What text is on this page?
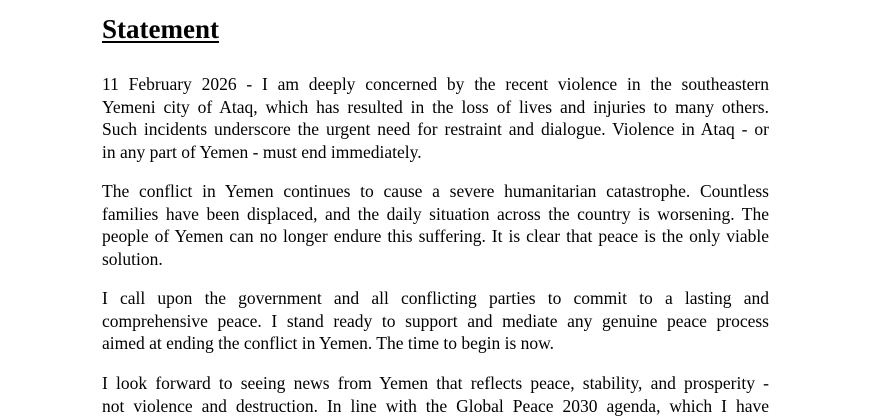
Statement

11 February 2026 - I am deeply concerned by the recent violence in the southeastern
Yemeni city of Ataq, which has resulted in the loss of lives and injuries to many others.
Such incidents underscore the urgent need for restraint and dialogue. Violence in Ataq - or
in any part of Yemen - must end immediately.

The conflict in Yemen continues to cause a severe humanitarian catastrophe. Countless
families have been displaced, and the daily situation across the country is worsening. The
people of Yemen can no longer endure this suffering. It is clear that peace is the only viable
solution.

I call upon the government and all conflicting parties to commit to a lasting and
comprehensive peace. I stand ready to support and mediate any genuine peace process
aimed at ending the conflict in Yemen. The time to begin is now.

I look forward to seeing news from Yemen that reflects peace, stability, and prosperity -
not violence and destruction. In line with the Global Peace 2030 agenda, which I have
